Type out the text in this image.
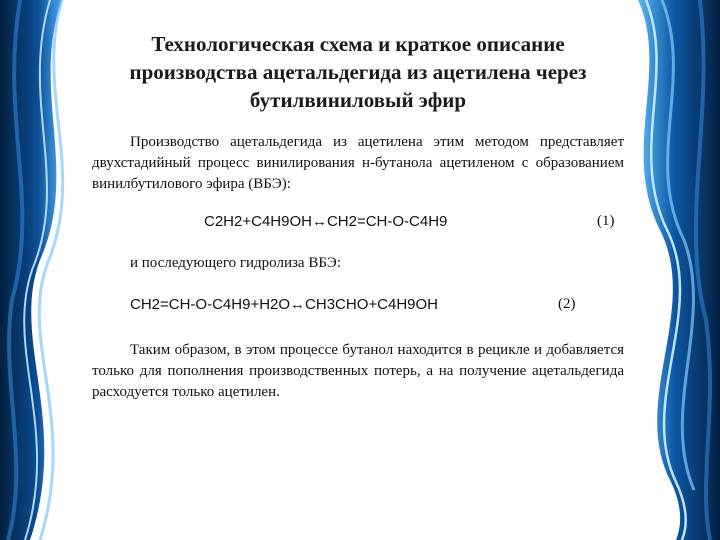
Технологическая схема и краткое описание
производства ацетальдегида из ацетилена через
бутилвиниловый эфир

Производство ацетальдегида из ацетилена этим методом представляет двухстадийный процесс винилирования н-бутанола ацетиленом с образованием винилбутилового эфира (ВБЭ):

C2H2+C4H9OH↔CH2=CH-O-C4H9	(1)

и последующего гидролиза ВБЭ:

CH2=CH-O-C4H9+H2O↔CH3CHO+C4H9OH	(2)

Таким образом, в этом процессе бутанол находится в рецикле и добавляется только для пополнения производственных потерь, а на получение ацетальдегида расходуется только ацетилен.
